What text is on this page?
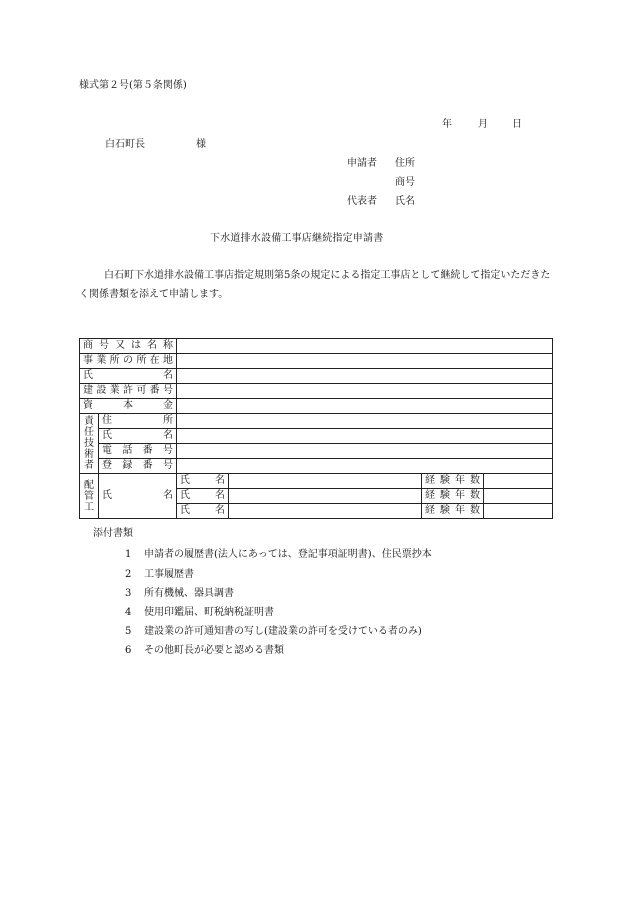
様式第２号(第５条関係)
年	月 日
白石町長	様
申請者 住所
商号
代表者 氏名
下水道排水設備工事店継続指定申請書
白石町下水道排水設備工事店指定規則第5条の規定による指定工事店として継続して指定いただきたく関係書類を添えて申請します。
商号又は名称					
事業所の所在地					
氏　　名					
建設業許可番号					
資　本　金					
責任技術者	住　　所				
	氏　　名				
	電話番号				
	登録番号				
配管工	氏　　名	氏　名		経験年数	
		氏　名		経験年数	
		氏　名		経験年数	
添付書類
1 申請者の履歴書(法人にあっては、登記事項証明書)、住民票抄本
2 工事履歴書
3 所有機械、器具調書
4 使用印鑑届、町税納税証明書
5 建設業の許可通知書の写し(建設業の許可を受けている者のみ)
6 その他町長が必要と認める書類
